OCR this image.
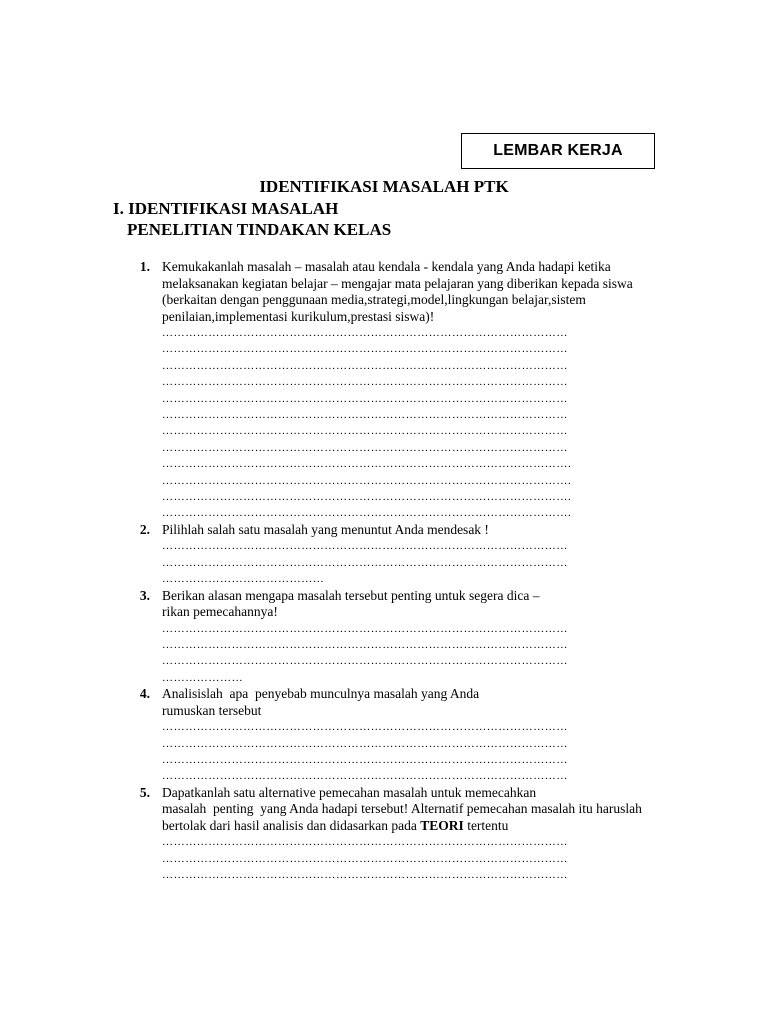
LEMBAR KERJA
IDENTIFIKASI MASALAH PTK
I. IDENTIFIKASI MASALAH
PENELITIAN TINDAKAN KELAS
1. Kemukakanlah masalah – masalah atau kendala - kendala yang Anda hadapi ketika
melaksanakan kegiatan belajar – mengajar mata pelajaran yang diberikan kepada siswa
(berkaitan dengan penggunaan media,strategi,model,lingkungan belajar,sistem
penilaian,implementasi kurikulum,prestasi siswa)!
……………………………………………………………………………………………
……………………………………………………………………………………………
……………………………………………………………………………………………
……………………………………………………………………………………………
……………………………………………………………………………………………
……………………………………………………………………………………………
……………………………………………………………………………………………
……………………………………………………………………………………………
…………………………………………………………………………………………….
…………………………………………………………………………………………….
…………………………………………………………………………………………….
…………………………………………………………………………………………….
2. Pilihlah salah satu masalah yang menuntut Anda mendesak !
……………………………………………………………………………………………
……………………………………………………………………………………………
……………………………………
3. Berikan alasan mengapa masalah tersebut penting untuk segera dica –
rikan pemecahannya!
……………………………………………………………………………………………
……………………………………………………………………………………………
……………………………………………………………………………………………
…………………
4. Analisislah  apa  penyebab munculnya masalah yang Anda
rumuskan tersebut
……………………………………………………………………………………………
……………………………………………………………………………………………
……………………………………………………………………………………………
……………………………………………………………………………………………
5. Dapatkanlah satu alternative pemecahan masalah untuk memecahkan
masalah  penting  yang Anda hadapi tersebut! Alternatif pemecahan masalah itu haruslah
bertolak dari hasil analisis dan didasarkan pada TEORI tertentu
……………………………………………………………………………………………
……………………………………………………………………………………………
……………………………………………………………………………………………
